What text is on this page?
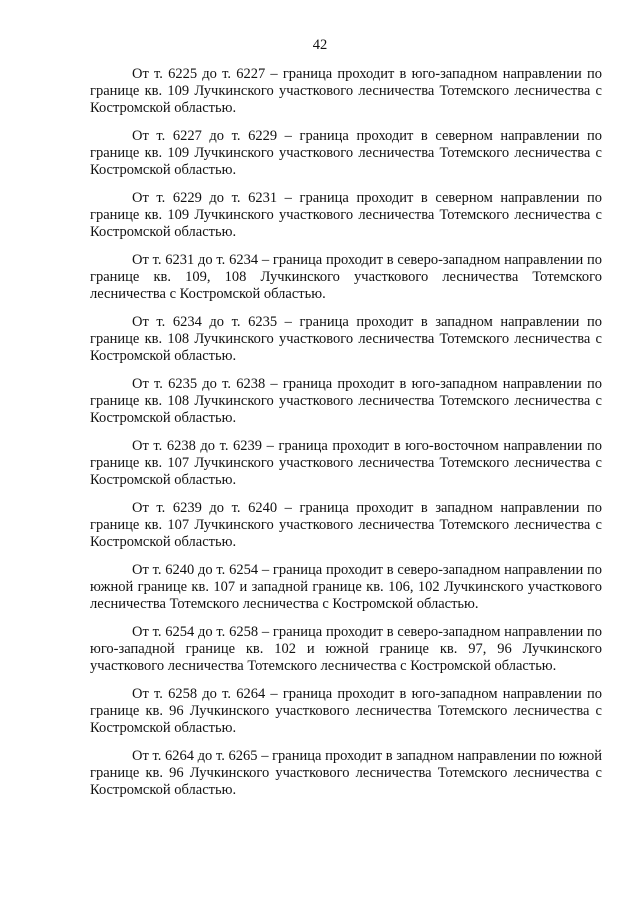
42

От т. 6225 до т. 6227 – граница проходит в юго-западном направлении по границе кв. 109 Лучкинского участкового лесничества Тотемского лесничества с Костромской областью.

От т. 6227 до т. 6229 – граница проходит в северном направлении по границе кв. 109 Лучкинского участкового лесничества Тотемского лесничества с Костромской областью.

От т. 6229 до т. 6231 – граница проходит в северном направлении по границе кв. 109 Лучкинского участкового лесничества Тотемского лесничества с Костромской областью.

От т. 6231 до т. 6234 – граница проходит в северо-западном направлении по границе кв. 109, 108 Лучкинского участкового лесничества Тотемского лесничества с Костромской областью.

От т. 6234 до т. 6235 – граница проходит в западном направлении по границе кв. 108 Лучкинского участкового лесничества Тотемского лесничества с Костромской областью.

От т. 6235 до т. 6238 – граница проходит в юго-западном направлении по границе кв. 108 Лучкинского участкового лесничества Тотемского лесничества с Костромской областью.

От т. 6238 до т. 6239 – граница проходит в юго-восточном направлении по границе кв. 107 Лучкинского участкового лесничества Тотемского лесничества с Костромской областью.

От т. 6239 до т. 6240 – граница проходит в западном направлении по границе кв. 107 Лучкинского участкового лесничества Тотемского лесничества с Костромской областью.

От т. 6240 до т. 6254 – граница проходит в северо-западном направлении по южной границе кв. 107 и западной границе кв. 106, 102 Лучкинского участкового лесничества Тотемского лесничества с Костромской областью.

От т. 6254 до т. 6258 – граница проходит в северо-западном направлении по юго-западной границе кв. 102 и южной границе кв. 97, 96 Лучкинского участкового лесничества Тотемского лесничества с Костромской областью.

От т. 6258 до т. 6264 – граница проходит в юго-западном направлении по границе кв. 96 Лучкинского участкового лесничества Тотемского лесничества с Костромской областью.

От т. 6264 до т. 6265 – граница проходит в западном направлении по южной границе кв. 96 Лучкинского участкового лесничества Тотемского лесничества с Костромской областью.
